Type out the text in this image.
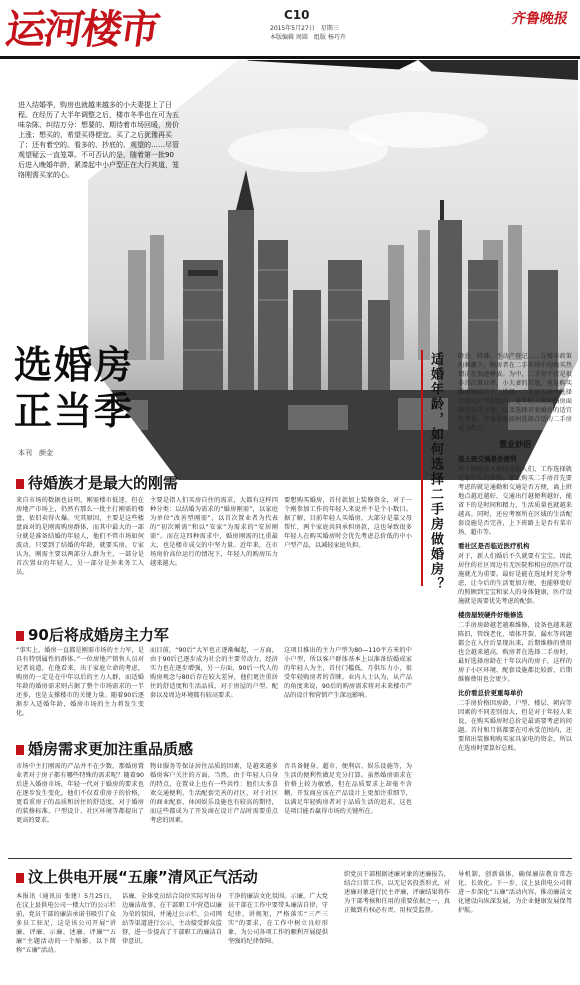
运河楼市	C10
2015年5月27日　星期三
本版编辑 周圆　组版 杨巧卉
齐鲁晚报
进入结婚季，购房也就越来越多的小夫妻提上了日程。在经历了大半年调整之后，楼市冬季也在可为五味杂陈、纠结万分：想要的、期待着市场回暖，房价上涨；想买的，希望买得便宜。买了之后犹豫再买了；还有着空的。看多的、抄底的、观望的……尽管观望疑云一直笼罩。不可否认的是，随着第一批90后进入晚婚年龄，紧凑起中小户型正在大行其道，笼络刚需买家的心。
选婚房
正当季
本刊　颜金	适婚年龄，如何选择二手房做婚房？ 降息、降准、不动产登记……在楼市政策的刺激下，购房者在二手市场中的购买热情正在加速释放。为中，二手房不仅是很多首次置业者、小夫妻的首选，也是购买婚房刚需的不二选择。二手房市场中选择合适的户型和地段，是年轻人规划婚房面临的头等大事，以及选择首套婚房的适宜性考量，普通家庭如何选择合适的二手房成为焦点。
置业妙招
选上班交通是否便利
对于刚刚进入职场的新人们，工作选择就是家中心的参照。那么购买二手房首先要考虑的就是通勤和交通是否方便，离上班地点越近越好，交通出行越便利越好，能省下的是时间和精力，生活质量也就越来越高。同时，还应考察所在区域的生活配套设施是否完善，上下班路上是否有菜市场、超市等。
看社区是否临近医疗机构
对于，新人们婚后不久就要有宝宝，因此居住的社区周边有无医院和相应的医疗设施就尤为重要。最好是能在选址时充分考虑，让今后的生活更加方便，也能够更好的照顾到宝宝和家人的身体健康，医疗设施就是需要优先考虑的配套。
楼房屋较硬件好维修选
二手房房龄越老越难维修，设备也越来越陈旧，管线老化、墙体开裂、漏水等问题都会在入住后显现出来，后期维修的费用也会越来越高。购房者在选择二手房时，最好选择房龄在十年以内的房子，这样的房子小区环境、配套设施都比较新，后期维修费用也会更少。
比价看总价更重每单价
二手房价格因房龄、户型、楼层、朝向等因素的不同差别很大，但是对于年轻人来说，在购买婚房时总价是最需要考虑的问题。首付和月供都要在可承受范围内，还要留出装修和购买家具家电的资金，所以在选房时要算好总账。
待婚族才是最大的刚需
来自市场的数据也证明，刚需楼市低迷，但在房地产市场上，仍然有那么一批主打刚需的楼盘，依旧卖得火爆。究其原因，主要是这些楼盘面对的是刚需购房群体，而其中最大的一部分就是准备结婚的年轻人，他们不管市场如何波动，只要到了结婚的年龄，就要买房。专家认为，刚需主要以两部分人群为主，一部分是首次置业的年轻人，另一部分是外来务工人员。
主要是指人们买房自住的需求，大都有这样四种分类：以结婚为需求的“婚房刚需”，以家庭为单位“改善型刚需”，以首次置业者为代表的“初次刚需”和以“安家”为需求的“安居刚需”。而在这四种需求中，婚房刚需的比重最大，也是楼市成交的中坚力量。近年来，在市场房价高位运行的情况下，年轻人的购房压力越来越大。
要想购买婚房，首付款加上装修资金，对于一个刚参加工作的年轻人来说并不是个小数目。据了解，目前年轻人买婚房，大部分是靠父母帮忙，两个家庭共同承担房款，这也导致很多年轻人在购买婚房时会优先考虑总价低的中小户型产品，以减轻家庭负担。
90后将成婚房主力军
“事实上，婚房一直都是刚需市场的主力军，是具有特别属性的群体。”一位房地产销售人员对记者说道，在他看来，出于家庭立命的考虑，购房的一定是在中年以后的主力人群，而适婚年龄的婚房需求则占据了整个市场需求的一半还多，也是支撑楼市的关键力量。随着90后逐渐步入适婚年龄，婚房市场的主力将发生变化。
而目前，“90后”大军也正逐渐崛起，一方面，由于90后已逐步成为社会的主要劳动力，经济实力也在逐步增强，另一方面，90后一代人的购房观念与80后存在较大差异，他们更注重居住的舒适度和生活品质，对于房屋的户型、配套以及周边环境都有较高要求。
这项目推出的主力户型为80—110平方米的中小户型，所以客户群体基本上以准备结婚成家的年轻人为主，首付门槛低，月供压力小，很受年轻购房者的青睐。业内人士认为，从产品的角度来说，90后的购房需求将对未来楼市产品的设计和营销产生深远影响。
婚房需求更加注重品质感
市场中主打刚需的产品并不在少数，那婚房置业者对于房子都有哪些特殊的需求呢？随着90后进入婚房市场，年轻一代对于婚房的要求也在逐步发生变化，他们不仅看重房子的价格，更看重房子的品质和居住的舒适度，对于婚房的装修标准、户型设计、社区环境等都提出了更高的要求。
物业服务等保证居住品质的因素，是越来越多婚房客户关注的方面。当然，由于年轻人自身的特点，在置业上也有一些共性：他们大多喜欢交通便利、生活配套完善的社区，对于社区的商业配套、休闲娱乐设施也有较高的期待，而这些都成为了开发商在设计产品时需要重点考虑的因素。
否具备健身、超市、便利店、娱乐设施等，为生活的便利性做足充分打算。虽然婚房需求在价格上较为敏感，但在品质要求上却毫不含糊，开发商应该在产品设计上更加注重细节，以满足年轻购房者对于品质生活的追求，这也是项目能否赢得市场的关键所在。
汶上供电开展“五廉”清风正气活动
本报讯（通讯员 张建）5月25日，在汶上县供电公司一楼大厅的公示栏前，党员干部的廉洁承诺书吸引了众多员工驻足，这是该公司开展“讲廉、评廉、示廉、述廉、评廉”“五廉”主题活动的一个缩影，以下简称“五廉”活动。
话廉、全体党员结合岗位实际写出身边廉洁故事，在干部职工中营造以廉为荣的氛围，并通过公示栏、公司网站等渠道进行公示，主动接受群众监督，进一步提高了干部职工的廉洁自律意识。
干净的廉洁文化氛围。示廉，广大党员干部在工作中要带头廉洁自律，守纪律、讲规矩，严格落实“三严三实”的要求，在工作中树立良好形象，为公司各项工作的顺利开展提供坚强的纪律保障。
织党员干部根据述廉对象的述廉报告，结合日常工作，以无记名投票形式，对述廉对象进行民主评廉，评廉结果将作为干部考核和任用的重要依据之一，真正做到有权必有责、用权受监督。
导机制，创新载体，确保廉洁教育常态化、长效化。下一步，汶上县供电公司将进一步深化“五廉”活动内容，推动廉洁文化建设向纵深发展，为企业健康发展保驾护航。
